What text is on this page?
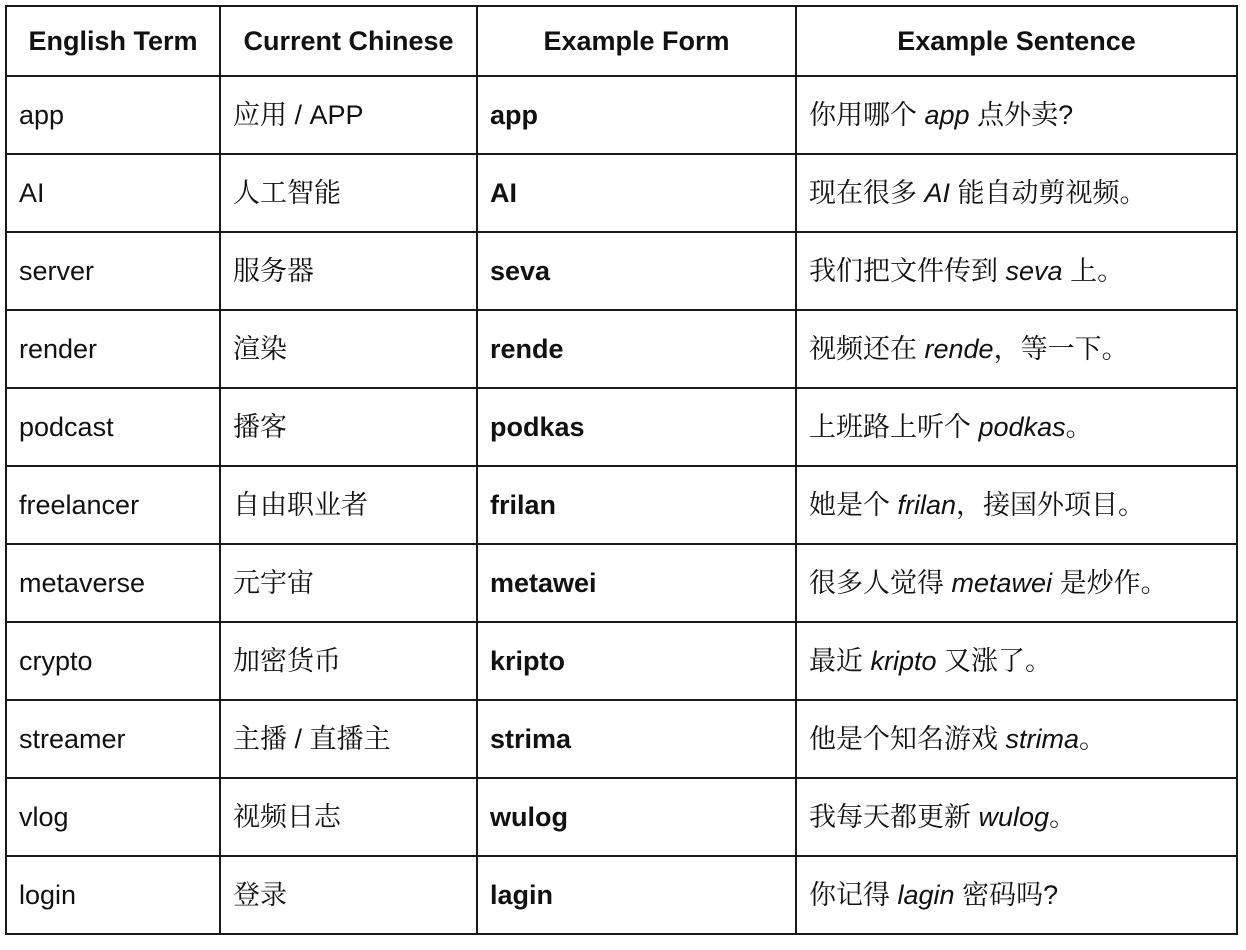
English Term	Current Chinese	Example Form	Example Sentence
app	应用 / APP	app	你用哪个 app 点外卖?
AI	人工智能	AI	现在很多 AI 能自动剪视频。
server	服务器	seva	我们把文件传到 seva 上。
render	渲染	rende	视频还在 rende，等一下。
podcast	播客	podkas	上班路上听个 podkas。
freelancer	自由职业者	frilan	她是个 frilan，接国外项目。
metaverse	元宇宙	metawei	很多人觉得 metawei 是炒作。
crypto	加密货币	kripto	最近 kripto 又涨了。
streamer	主播 / 直播主	strima	他是个知名游戏 strima。
vlog	视频日志	wulog	我每天都更新 wulog。
login	登录	lagin	你记得 lagin 密码吗?
